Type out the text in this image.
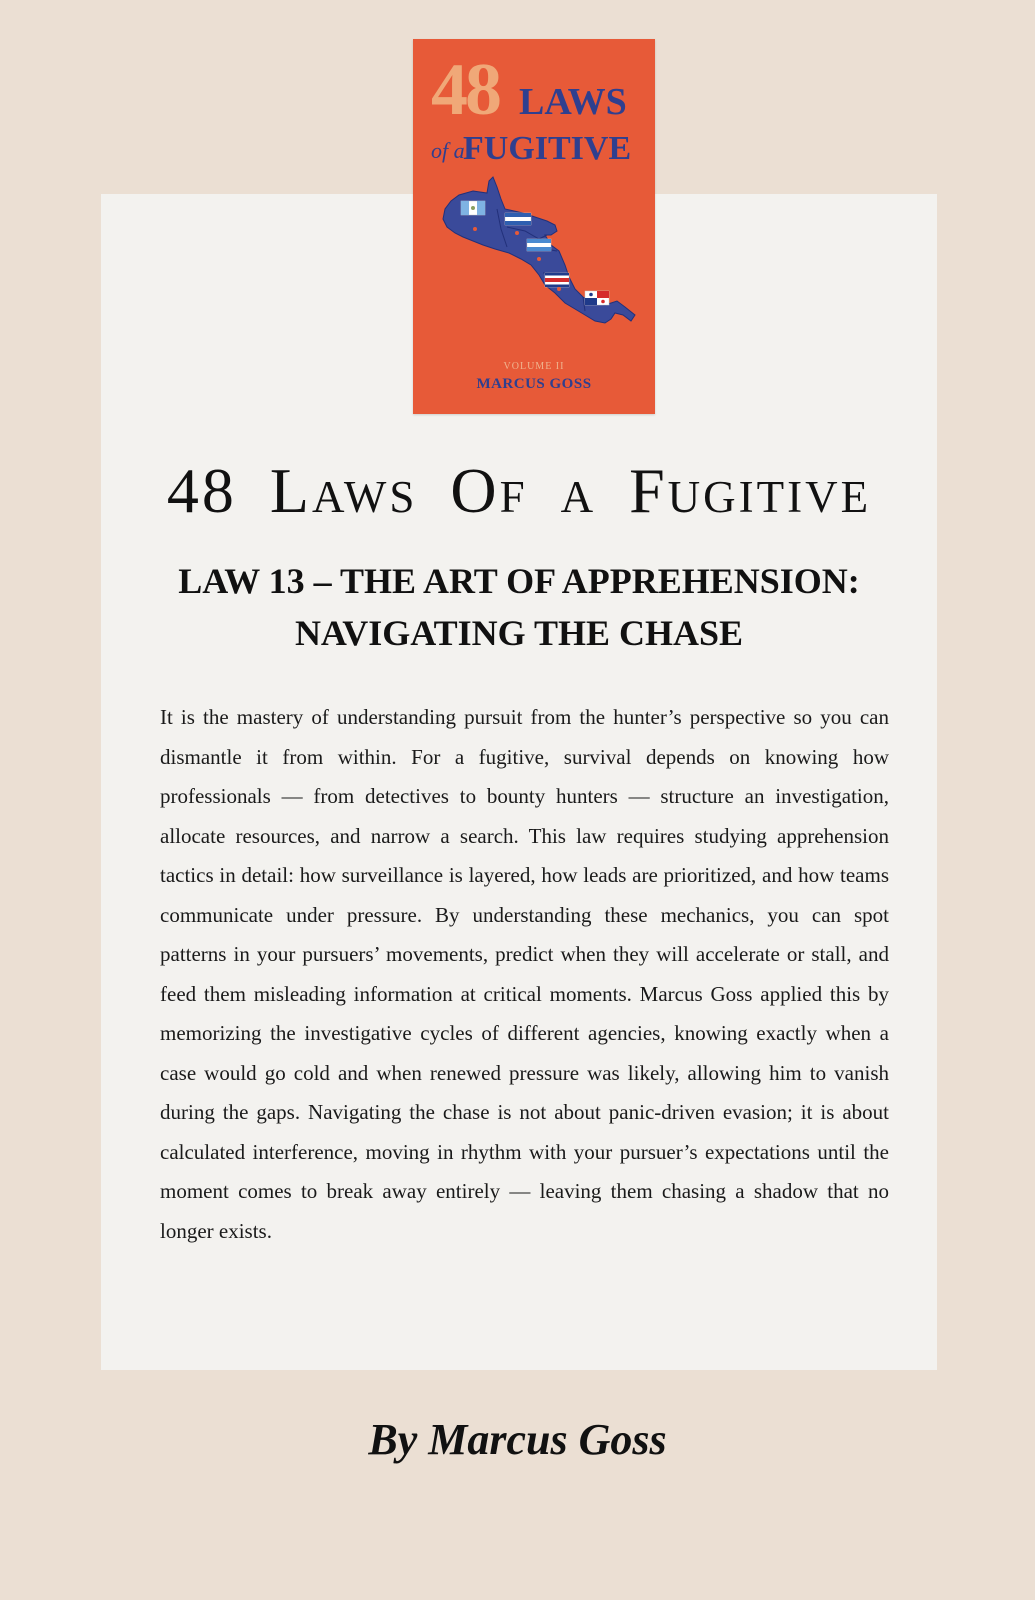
48 LAWS
of a
FUGITIVE
VOLUME II
MARCUS GOSS
48 Laws Of a Fugitive
LAW 13 – THE ART OF APPREHENSION:
NAVIGATING THE CHASE

It is the mastery of understanding pursuit from the hunter’s perspective so you can dismantle it from within. For a fugitive, survival depends on knowing how professionals — from detectives to bounty hunters — structure an investigation, allocate resources, and narrow a search. This law requires studying apprehension tactics in detail: how surveillance is layered, how leads are prioritized, and how teams communicate under pressure. By understanding these mechanics, you can spot patterns in your pursuers’ movements, predict when they will accelerate or stall, and feed them misleading information at critical moments. Marcus Goss applied this by memorizing the investigative cycles of different agencies, knowing exactly when a case would go cold and when renewed pressure was likely, allowing him to vanish during the gaps. Navigating the chase is not about panic-driven evasion; it is about calculated interference, moving in rhythm with your pursuer’s expectations until the moment comes to break away entirely — leaving them chasing a shadow that no longer exists.

By Marcus Goss
